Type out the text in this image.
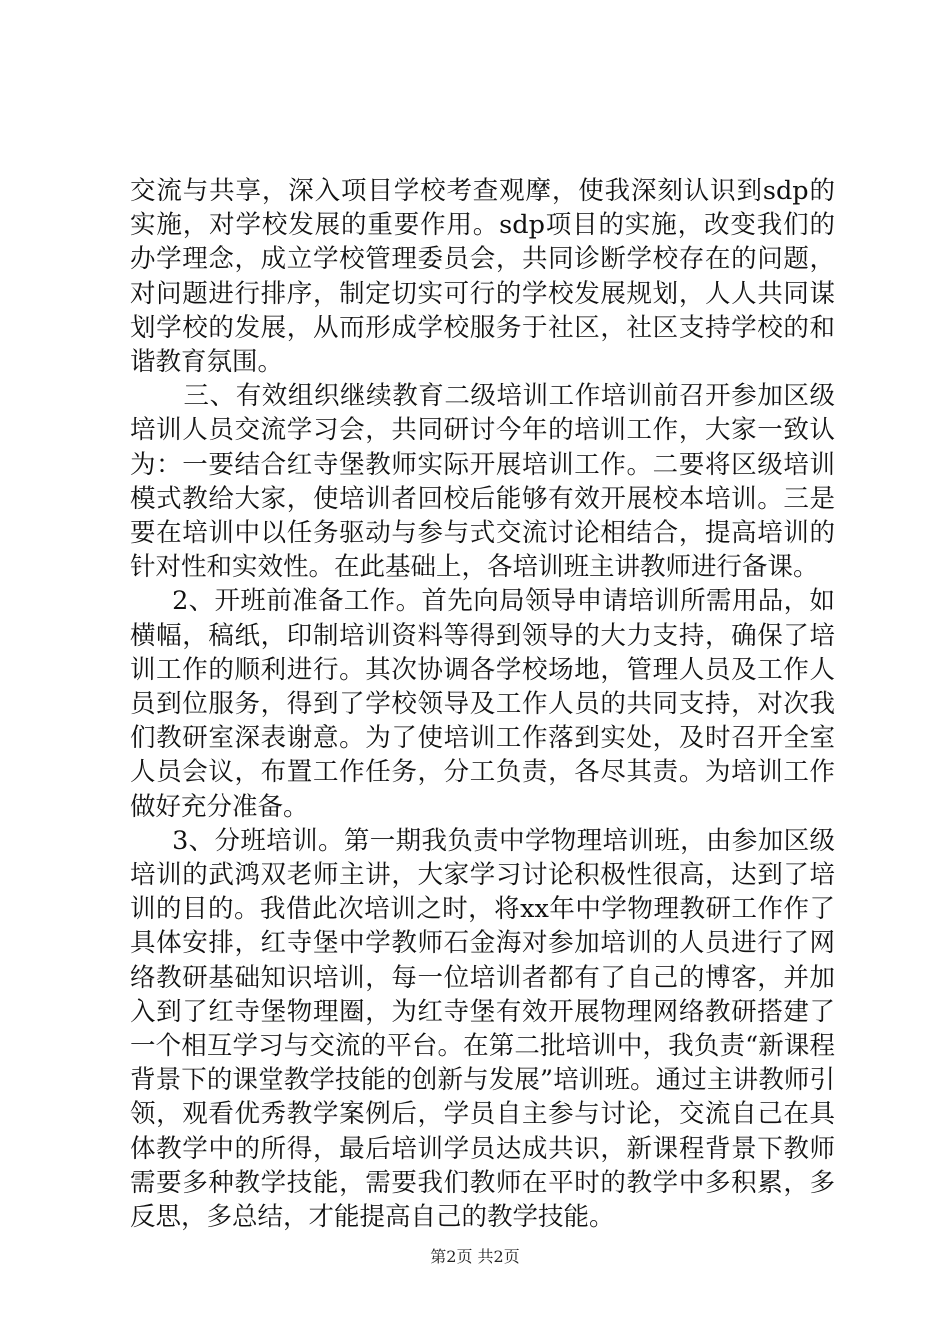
交流与共享，深入项目学校考查观摩，使我深刻认识到sdp的实施，对学校发展的重要作用。sdp项目的实施，改变我们的办学理念，成立学校管理委员会，共同诊断学校存在的问题，对问题进行排序，制定切实可行的学校发展规划，人人共同谋划学校的发展，从而形成学校服务于社区，社区支持学校的和谐教育氛围。

三、有效组织继续教育二级培训工作培训前召开参加区级培训人员交流学习会，共同研讨今年的培训工作，大家一致认为：一要结合红寺堡教师实际开展培训工作。二要将区级培训模式教给大家，使培训者回校后能够有效开展校本培训。三是要在培训中以任务驱动与参与式交流讨论相结合，提高培训的针对性和实效性。在此基础上，各培训班主讲教师进行备课。

2、开班前准备工作。首先向局领导申请培训所需用品，如横幅，稿纸，印制培训资料等得到领导的大力支持，确保了培训工作的顺利进行。其次协调各学校场地，管理人员及工作人员到位服务，得到了学校领导及工作人员的共同支持，对次我们教研室深表谢意。为了使培训工作落到实处，及时召开全室人员会议，布置工作任务，分工负责，各尽其责。为培训工作做好充分准备。

3、分班培训。第一期我负责中学物理培训班，由参加区级培训的武鸿双老师主讲，大家学习讨论积极性很高，达到了培训的目的。我借此次培训之时，将xx年中学物理教研工作作了具体安排，红寺堡中学教师石金海对参加培训的人员进行了网络教研基础知识培训，每一位培训者都有了自己的博客，并加入到了红寺堡物理圈，为红寺堡有效开展物理网络教研搭建了一个相互学习与交流的平台。在第二批培训中，我负责“新课程背景下的课堂教学技能的创新与发展”培训班。通过主讲教师引领，观看优秀教学案例后，学员自主参与讨论，交流自己在具体教学中的所得，最后培训学员达成共识，新课程背景下教师需要多种教学技能，需要我们教师在平时的教学中多积累，多反思，多总结，才能提高自己的教学技能。

第2页 共2页
